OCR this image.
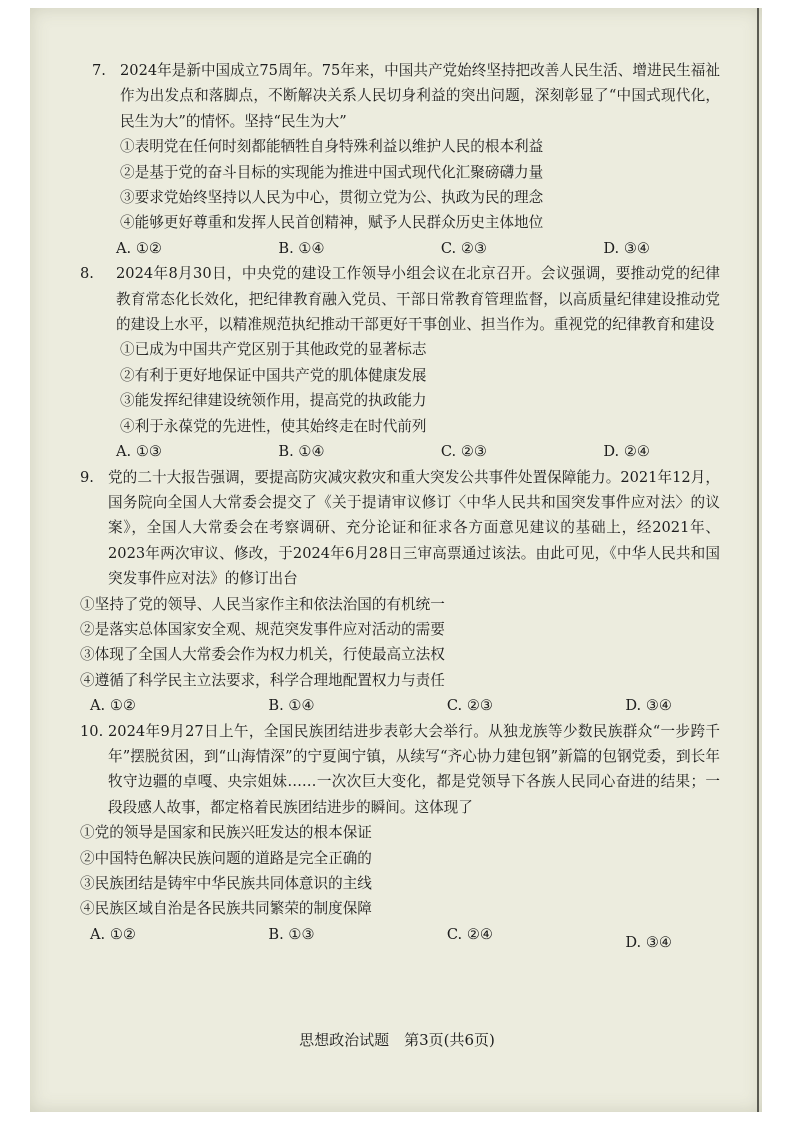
7. 2024年是新中国成立75周年。75年来，中国共产党始终坚持把改善人民生活、增进民生福祉作为出发点和落脚点，不断解决关系人民切身利益的突出问题，深刻彰显了“中国式现代化，民生为大”的情怀。坚持“民生为大”
①表明党在任何时刻都能牺牲自身特殊利益以维护人民的根本利益
②是基于党的奋斗目标的实现能为推进中国式现代化汇聚磅礴力量
③要求党始终坚持以人民为中心，贯彻立党为公、执政为民的理念
④能够更好尊重和发挥人民首创精神，赋予人民群众历史主体地位
A. ①②	B. ①④	C. ②③	D. ③④
8. 2024年8月30日，中央党的建设工作领导小组会议在北京召开。会议强调，要推动党的纪律教育常态化长效化，把纪律教育融入党员、干部日常教育管理监督，以高质量纪律建设推动党的建设上水平，以精准规范执纪推动干部更好干事创业、担当作为。重视党的纪律教育和建设
①已成为中国共产党区别于其他政党的显著标志
②有利于更好地保证中国共产党的肌体健康发展
③能发挥纪律建设统领作用，提高党的执政能力
④利于永葆党的先进性，使其始终走在时代前列
A. ①③	B. ①④	C. ②③	D. ②④
9. 党的二十大报告强调，要提高防灾减灾救灾和重大突发公共事件处置保障能力。2021年12月，国务院向全国人大常委会提交了《关于提请审议修订〈中华人民共和国突发事件应对法〉的议案》，全国人大常委会在考察调研、充分论证和征求各方面意见建议的基础上，经2021年、2023年两次审议、修改，于2024年6月28日三审高票通过该法。由此可见，《中华人民共和国突发事件应对法》的修订出台
①坚持了党的领导、人民当家作主和依法治国的有机统一
②是落实总体国家安全观、规范突发事件应对活动的需要
③体现了全国人大常委会作为权力机关，行使最高立法权
④遵循了科学民主立法要求，科学合理地配置权力与责任
A. ①②	B. ①④	C. ②③	D. ③④
10. 2024年9月27日上午，全国民族团结进步表彰大会举行。从独龙族等少数民族群众“一步跨千年”摆脱贫困，到“山海情深”的宁夏闽宁镇，从续写“齐心协力建包钢”新篇的包钢党委，到长年牧守边疆的卓嘎、央宗姐妹……一次次巨大变化，都是党领导下各族人民同心奋进的结果；一段段感人故事，都定格着民族团结进步的瞬间。这体现了
①党的领导是国家和民族兴旺发达的根本保证
②中国特色解决民族问题的道路是完全正确的
③民族团结是铸牢中华民族共同体意识的主线
④民族区域自治是各民族共同繁荣的制度保障
A. ①②	B. ①③	C. ②④	D. ③④
思想政治试题　第3页(共6页)
